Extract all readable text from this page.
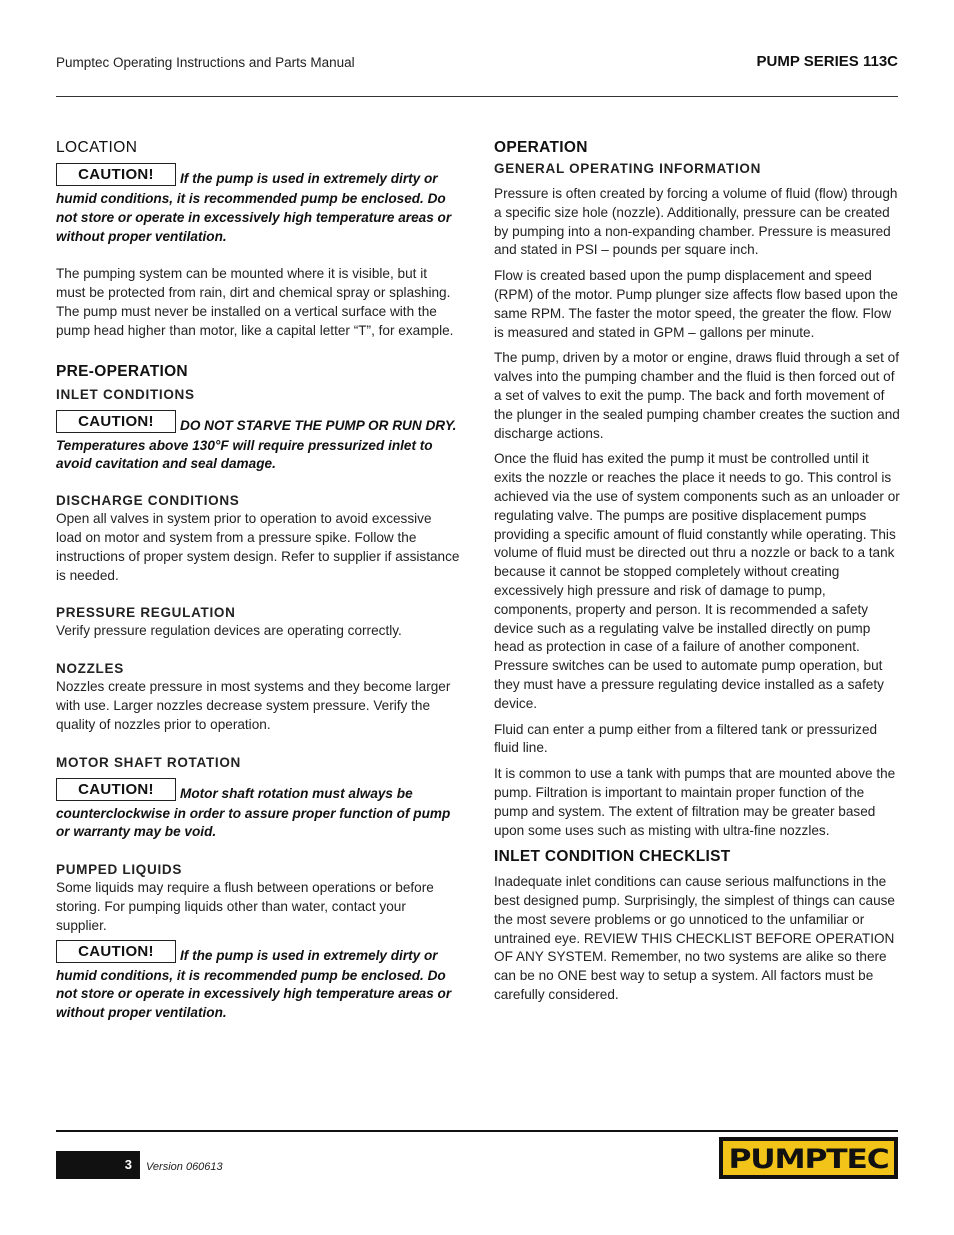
Pumptec Operating Instructions and Parts Manual	PUMP SERIES 113C
LOCATION
CAUTION! If the pump is used in extremely dirty or humid conditions, it is recommended pump be enclosed. Do not store or operate in excessively high temperature areas or without proper ventilation.

The pumping system can be mounted where it is visible, but it must be protected from rain, dirt and chemical spray or splashing. The pump must never be installed on a vertical surface with the pump head higher than motor, like a capital letter “T”, for example.

PRE-OPERATION
INLET CONDITIONS
CAUTION! DO NOT STARVE THE PUMP OR RUN DRY. Temperatures above 130°F will require pressurized inlet to avoid cavitation and seal damage.
DISCHARGE CONDITIONS

Open all valves in system prior to operation to avoid excessive load on motor and system from a pressure spike. Follow the instructions of proper system design. Refer to supplier if assistance is needed.

PRESSURE REGULATION

Verify pressure regulation devices are operating correctly.

NOZZLES

Nozzles create pressure in most systems and they become larger with use. Larger nozzles decrease system pressure. Verify the quality of nozzles prior to operation.

MOTOR SHAFT ROTATION
CAUTION! Motor shaft rotation must always be counterclockwise in order to assure proper function of pump or warranty may be void.
PUMPED LIQUIDS

Some liquids may require a flush between operations or before storing. For pumping liquids other than water, contact your supplier.

CAUTION! If the pump is used in extremely dirty or humid conditions, it is recommended pump be enclosed. Do not store or operate in excessively high temperature areas or without proper ventilation.
OPERATION
GENERAL OPERATING INFORMATION

Pressure is often created by forcing a volume of fluid (flow) through a specific size hole (nozzle). Additionally, pressure can be created by pumping into a non-expanding chamber. Pressure is measured and stated in PSI – pounds per square inch.

Flow is created based upon the pump displacement and speed (RPM) of the motor. Pump plunger size affects flow based upon the same RPM. The faster the motor speed, the greater the flow. Flow is measured and stated in GPM – gallons per minute.

The pump, driven by a motor or engine, draws fluid through a set of valves into the pumping chamber and the fluid is then forced out of a set of valves to exit the pump. The back and forth movement of the plunger in the sealed pumping chamber creates the suction and discharge actions.

Once the fluid has exited the pump it must be controlled until it exits the nozzle or reaches the place it needs to go. This control is achieved via the use of system components such as an unloader or regulating valve. The pumps are positive displacement pumps providing a specific amount of fluid constantly while operating. This volume of fluid must be directed out thru a nozzle or back to a tank because it cannot be stopped completely without creating excessively high pressure and risk of damage to pump, components, property and person. It is recommended a safety device such as a regulating valve be installed directly on pump head as protection in case of a failure of another component. Pressure switches can be used to automate pump operation, but they must have a pressure regulating device installed as a safety device.

Fluid can enter a pump either from a filtered tank or pressurized fluid line.

It is common to use a tank with pumps that are mounted above the pump. Filtration is important to maintain proper function of the pump and system. The extent of filtration may be greater based upon some uses such as misting with ultra-fine nozzles.

INLET CONDITION CHECKLIST

Inadequate inlet conditions can cause serious malfunctions in the best designed pump. Surprisingly, the simplest of things can cause the most severe problems or go unnoticed to the unfamiliar or untrained eye. REVIEW THIS CHECKLIST BEFORE OPERATION OF ANY SYSTEM. Remember, no two systems are alike so there can be no ONE best way to setup a system. All factors must be carefully considered.

3 Version 060613	PUMPTEC
